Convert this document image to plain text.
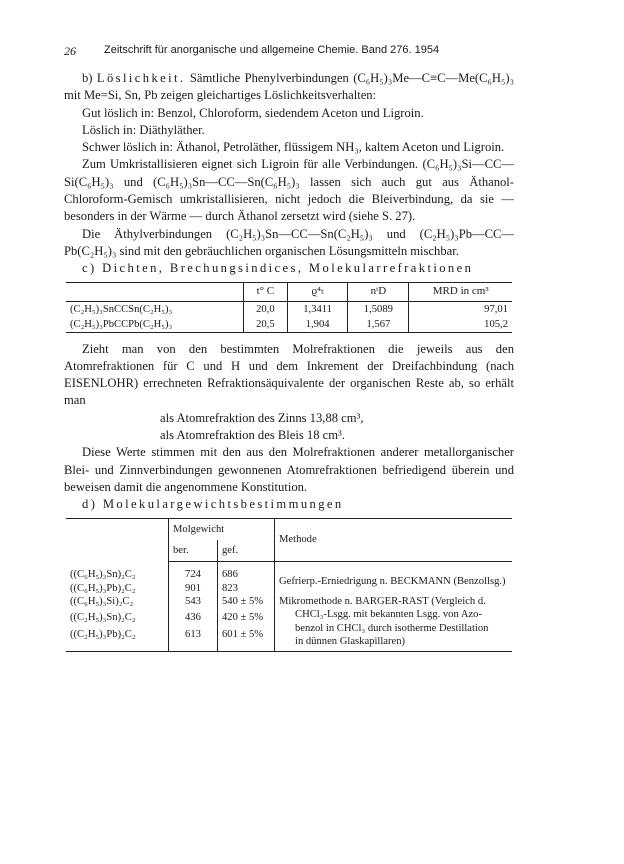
26	Zeitschrift für anorganische und allgemeine Chemie. Band 276. 1954

b) Löslichkeit. Sämtliche Phenylverbindungen (C₆H₅)₃Me—C≡C—Me(C₆H₅)₃ mit Me=Si, Sn, Pb zeigen gleichartiges Löslichkeitsverhalten:

Gut löslich in: Benzol, Chloroform, siedendem Aceton und Ligroin.

Löslich in: Diäthyläther.

Schwer löslich in: Äthanol, Petroläther, flüssigem NH₃, kaltem Aceton und Ligroin.

Zum Umkristallisieren eignet sich Ligroin für alle Verbindungen. (C₆H₅)₃Si—CC—Si(C₆H₅)₃ und (C₆H₅)₃Sn—CC—Sn(C₆H₅)₃ lassen sich auch gut aus Äthanol-Chloroform-Gemisch umkristallisieren, nicht jedoch die Bleiverbindung, da sie — besonders in der Wärme — durch Äthanol zersetzt wird (siehe S. 27).

Die Äthylverbindungen (C₂H₅)₃Sn—CC—Sn(C₂H₅)₃ und (C₂H₅)₃Pb—CC—Pb(C₂H₅)₃ sind mit den gebräuchlichen organischen Lösungsmitteln mischbar.

c) Dichten, Brechungsindices, Molekularrefraktionen

	t° C	ϱ⁴ₜ	nᵗD	MRD in cm³
(C₂H₅)₃SnCCSn(C₂H₅)₃	20,0	1,3411	1,5089	97,01
(C₂H₅)₃PbCCPb(C₂H₅)₃	20,5	1,904	1,567	105,2

Zieht man von den bestimmten Molrefraktionen die jeweils aus den Atomrefraktionen für C und H und dem Inkrement der Dreifachbindung (nach EISENLOHR) errechneten Refraktionsäquivalente der organischen Reste ab, so erhält man

als Atomrefraktion des Zinns 13,88 cm³,

als Atomrefraktion des Bleis 18 cm³.

Diese Werte stimmen mit den aus den Molrefraktionen anderer metallorganischer Blei- und Zinnverbindungen gewonnenen Atomrefraktionen befriedigend überein und beweisen damit die angenommene Konstitution.

d) Molekulargewichtsbestimmungen

	Molgewicht		Methode
	ber.	gef.	
((C₆H₅)₃Sn)₂C₂	724	686	Gefrierp.-Erniedrigung n. BECKMANN (Benzollsg.)
((C₆H₅)₃Pb)₂C₂	901	823	
((C₆H₅)₃Si)₂C₂	543	540 ± 5%	Mikromethode n. BARGER-RAST (Vergleich d.
CHCl₃-Lsgg. mit bekannten Lsgg. von Azo-
benzol in CHCl₃ durch isotherme Destillation
in dünnen Glaskapillaren)

((C₂H₅)₃Sn)₂C₂	436	420 ± 5%	
((C₂H₅)₃Pb)₂C₂	613	601 ± 5%	
